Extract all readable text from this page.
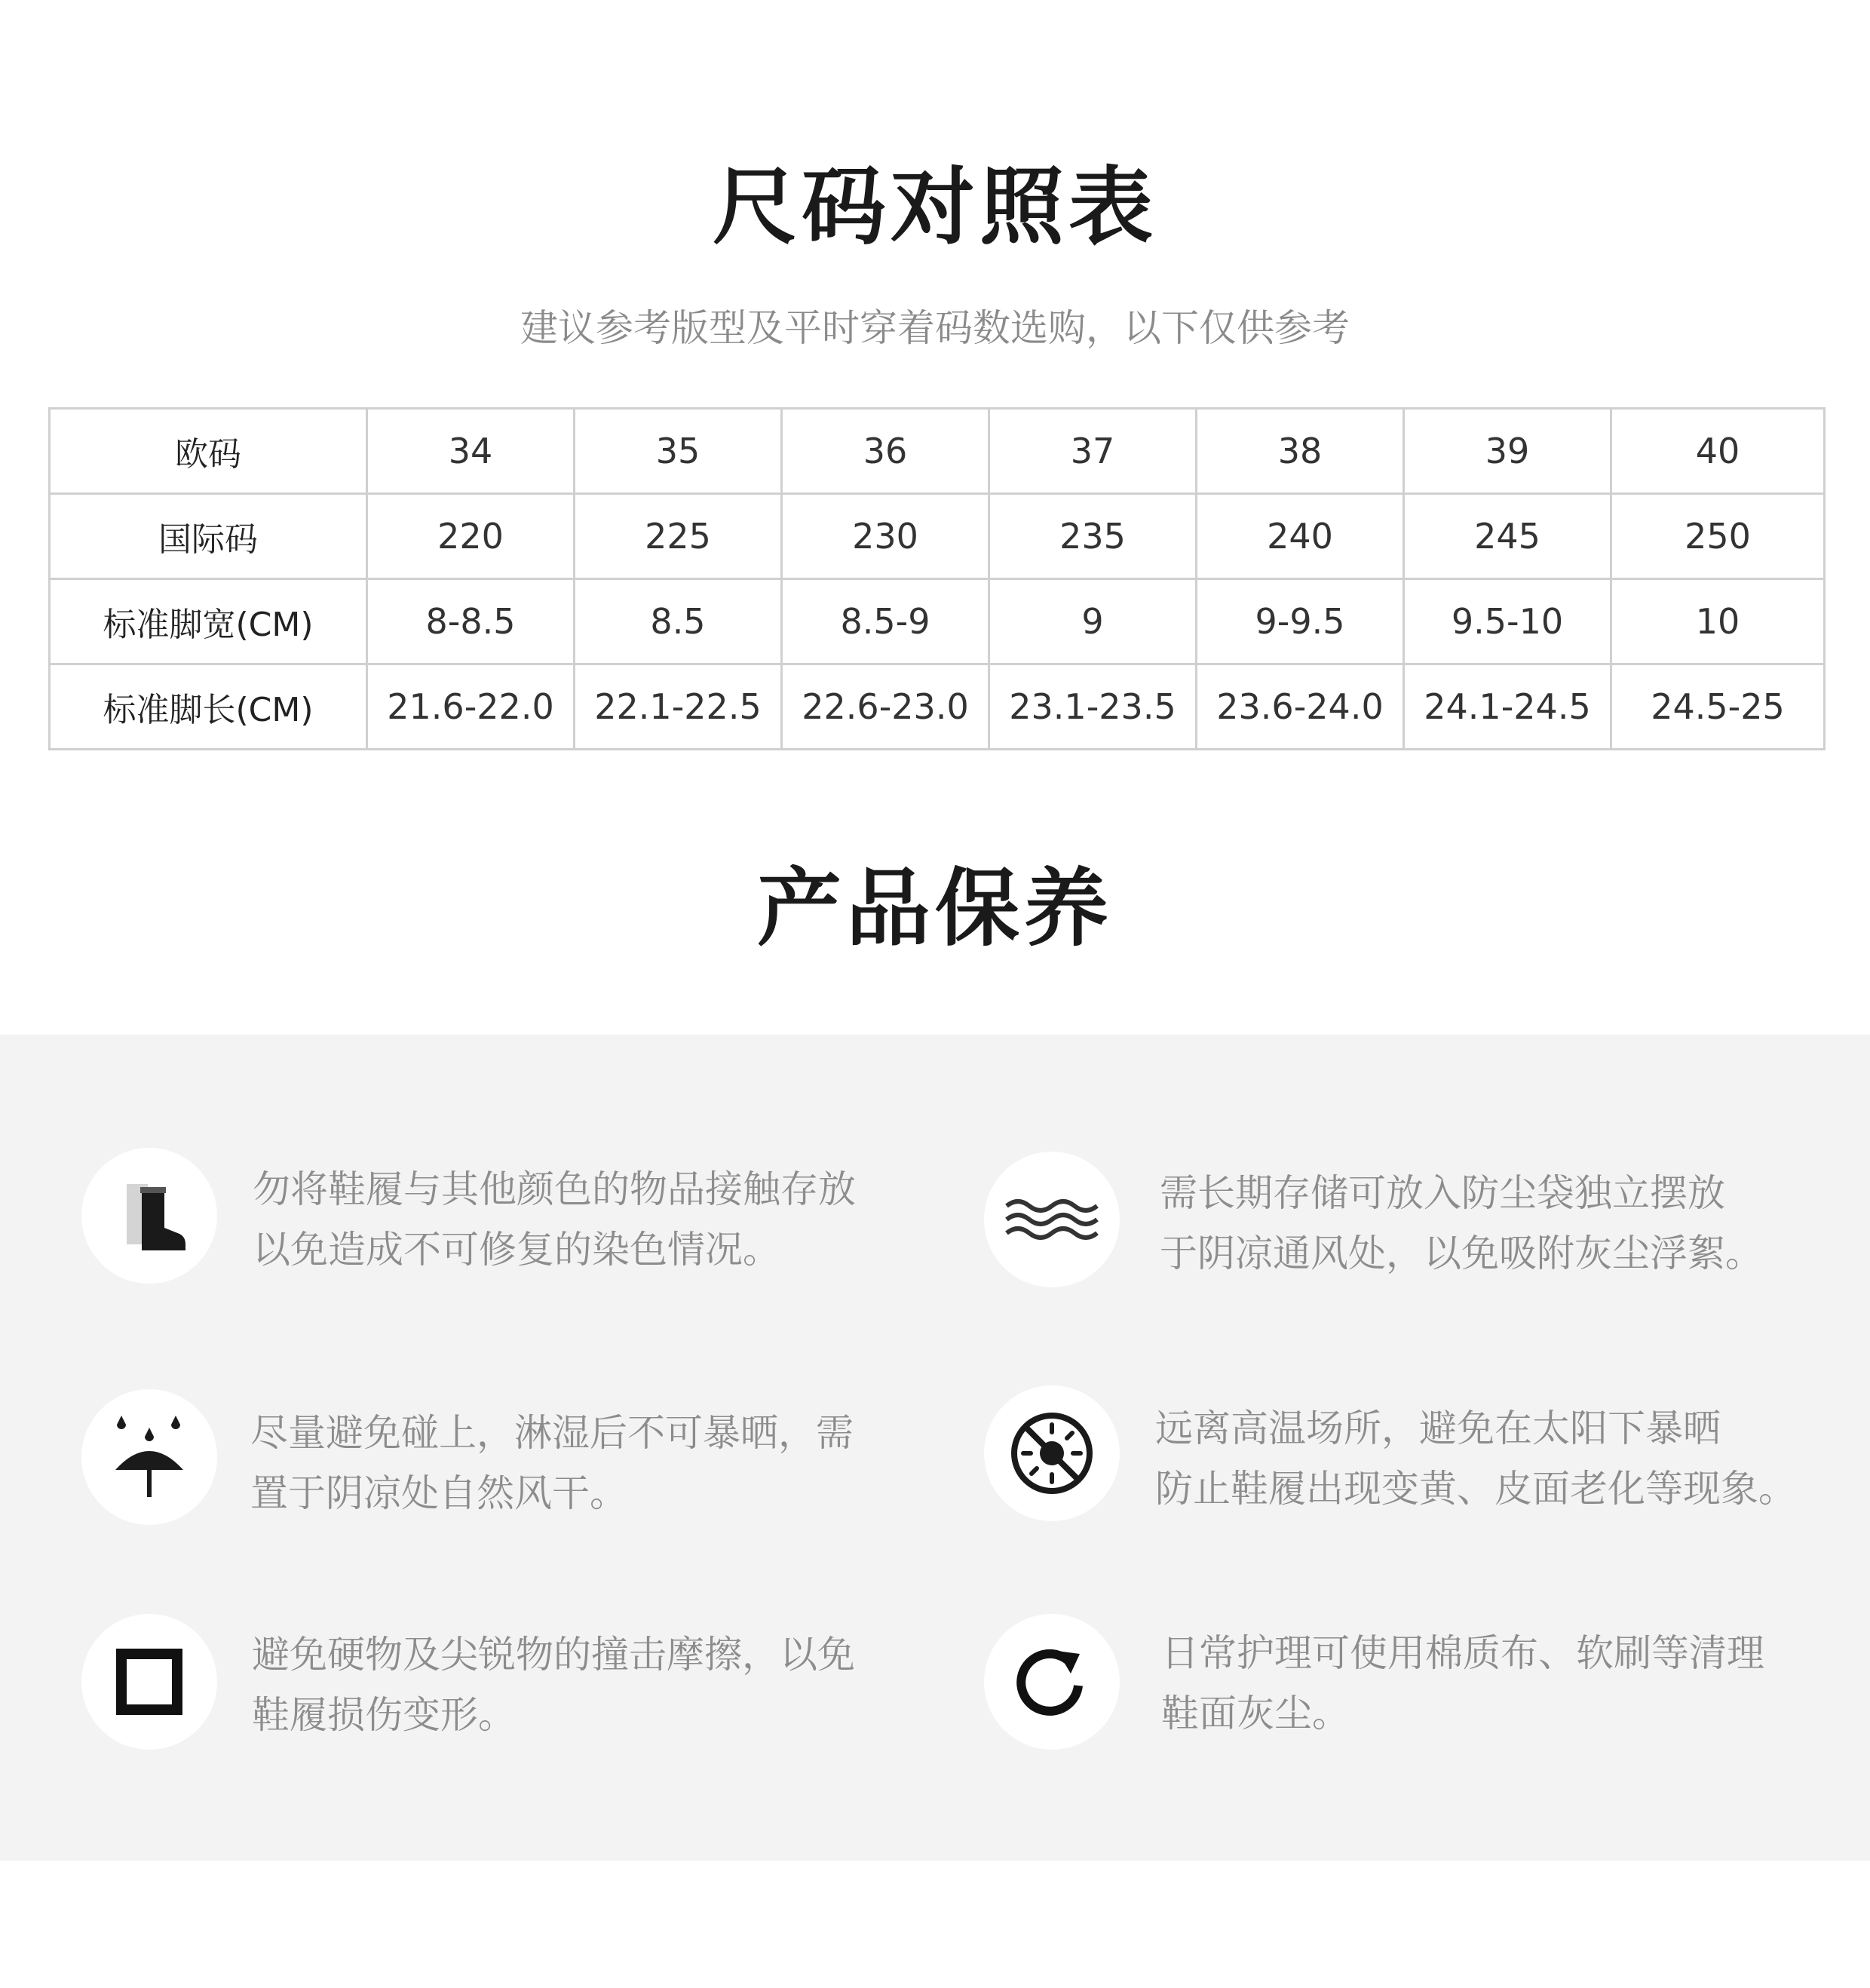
尺码对照表
建议参考版型及平时穿着码数选购，以下仅供参考
欧码	34	35	36	37	38	39	40
国际码	220	225	230	235	240	245	250
标准脚宽(CM)	8-8.5	8.5	8.5-9	9	9-9.5	9.5-10	10
标准脚长(CM)	21.6-22.0	22.1-22.5	22.6-23.0	23.1-23.5	23.6-24.0	24.1-24.5	24.5-25
产品保养
勿将鞋履与其他颜色的物品接触存放
以免造成不可修复的染色情况。
需长期存储可放入防尘袋独立摆放
于阴凉通风处，以免吸附灰尘浮絮。
尽量避免碰上，淋湿后不可暴晒，需
置于阴凉处自然风干。
远离高温场所，避免在太阳下暴晒
防止鞋履出现变黄、皮面老化等现象。
避免硬物及尖锐物的撞击摩擦，以免
鞋履损伤变形。
日常护理可使用棉质布、软刷等清理
鞋面灰尘。
